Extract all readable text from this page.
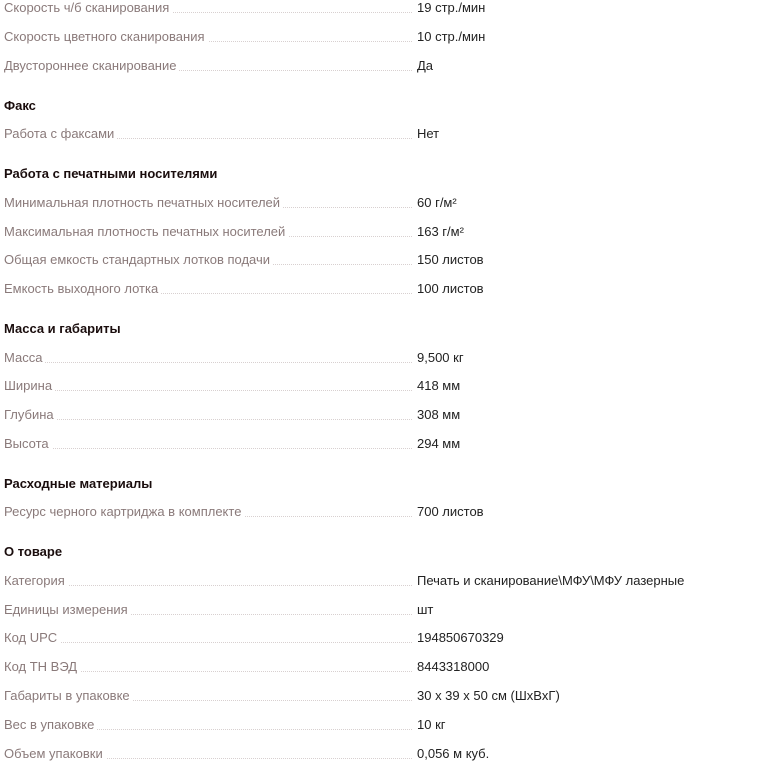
Скорость ч/б сканирования	19 стр./мин
Скорость цветного сканирования	10 стр./мин
Двустороннее сканирование	Да
Факс
Работа с факсами	Нет
Работа с печатными носителями
Минимальная плотность печатных носителей	60 г/м²
Максимальная плотность печатных носителей	163 г/м²
Общая емкость стандартных лотков подачи	150 листов
Емкость выходного лотка	100 листов
Масса и габариты
Масса	9,500 кг
Ширина	418 мм
Глубина	308 мм
Высота	294 мм
Расходные материалы
Ресурс черного картриджа в комплекте	700 листов
О товаре
Категория	Печать и сканирование\МФУ\МФУ лазерные
Единицы измерения	шт
Код UPC	194850670329
Код ТН ВЭД	8443318000
Габариты в упаковке	30 x 39 x 50 см (ШxВxГ)
Вес в упаковке	10 кг
Объем упаковки	0,056 м куб.
